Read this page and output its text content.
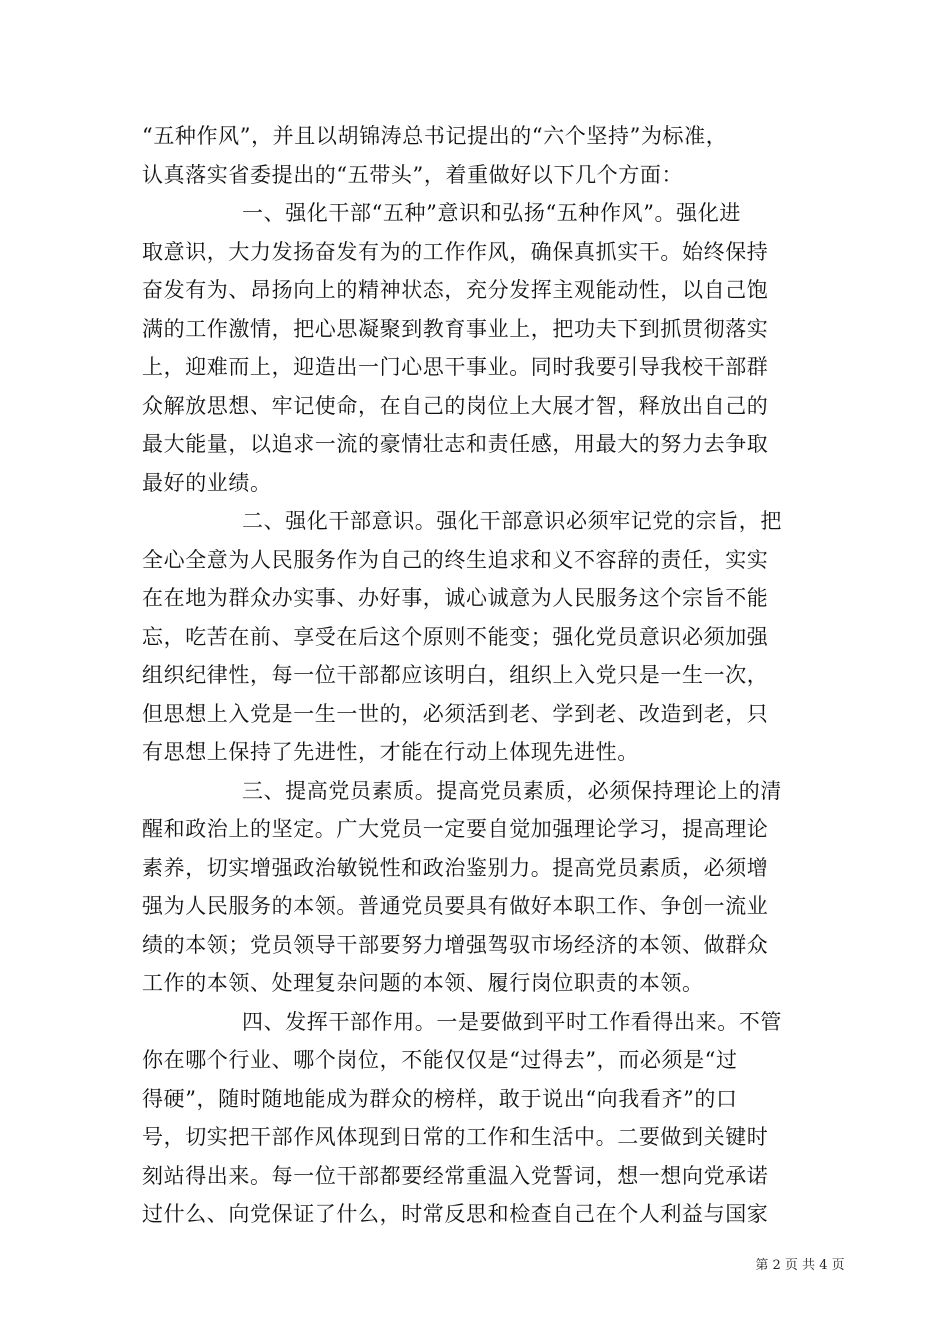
“五种作风”，并且以胡锦涛总书记提出的“六个坚持”为标准，
认真落实省委提出的“五带头”，着重做好以下几个方面：
一、强化干部“五种”意识和弘扬“五种作风”。强化进
取意识，大力发扬奋发有为的工作作风，确保真抓实干。始终保持
奋发有为、昂扬向上的精神状态，充分发挥主观能动性，以自己饱
满的工作激情，把心思凝聚到教育事业上，把功夫下到抓贯彻落实
上，迎难而上，迎造出一门心思干事业。同时我要引导我校干部群
众解放思想、牢记使命，在自己的岗位上大展才智，释放出自己的
最大能量，以追求一流的豪情壮志和责任感，用最大的努力去争取
最好的业绩。
二、强化干部意识。强化干部意识必须牢记党的宗旨，把
全心全意为人民服务作为自己的终生追求和义不容辞的责任，实实
在在地为群众办实事、办好事，诚心诚意为人民服务这个宗旨不能
忘，吃苦在前、享受在后这个原则不能变；强化党员意识必须加强
组织纪律性，每一位干部都应该明白，组织上入党只是一生一次，
但思想上入党是一生一世的，必须活到老、学到老、改造到老，只
有思想上保持了先进性，才能在行动上体现先进性。
三、提高党员素质。提高党员素质，必须保持理论上的清
醒和政治上的坚定。广大党员一定要自觉加强理论学习，提高理论
素养，切实增强政治敏锐性和政治鉴别力。提高党员素质，必须增
强为人民服务的本领。普通党员要具有做好本职工作、争创一流业
绩的本领；党员领导干部要努力增强驾驭市场经济的本领、做群众
工作的本领、处理复杂问题的本领、履行岗位职责的本领。
四、发挥干部作用。一是要做到平时工作看得出来。不管
你在哪个行业、哪个岗位，不能仅仅是“过得去”，而必须是“过
得硬”，随时随地能成为群众的榜样，敢于说出“向我看齐”的口
号，切实把干部作风体现到日常的工作和生活中。二要做到关键时
刻站得出来。每一位干部都要经常重温入党誓词，想一想向党承诺
过什么、向党保证了什么，时常反思和检查自己在个人利益与国家
第 2 页 共 4 页
